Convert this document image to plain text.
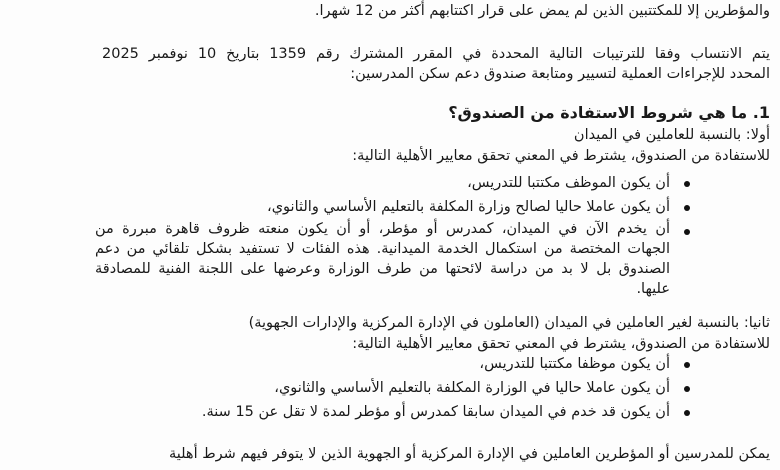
والمؤطرين إلا للمكتتبين الذين لم يمض على قرار اكتتابهم أكثر من 12 شهرا.
يتم الانتساب وفقا للترتيبات التالية المحددة في المقرر المشترك رقم 1359 بتاريخ 10 نوفمبر 2025
المحدد للإجراءات العملية لتسيير ومتابعة صندوق دعم سكن المدرسين:
1. ما هي شروط الاستفادة من الصندوق؟
أولا: بالنسبة للعاملين في الميدان
للاستفادة من الصندوق، يشترط في المعني تحقق معايير الأهلية التالية:
أن يكون الموظف مكتتبا للتدريس،
أن يكون عاملا حاليا لصالح وزارة المكلفة بالتعليم الأساسي والثانوي،
أن يخدم الآن في الميدان، كمدرس أو مؤطر، أو أن يكون منعته ظروف قاهرة مبررة من
الجهات المختصة من استكمال الخدمة الميدانية. هذه الفئات لا تستفيد بشكل تلقائي من دعم
الصندوق بل لا بد من دراسة لائحتها من طرف الوزارة وعرضها على اللجنة الفنية للمصادقة
عليها.
ثانيا: بالنسبة لغير العاملين في الميدان (العاملون في الإدارة المركزية والإدارات الجهوية)
للاستفادة من الصندوق، يشترط في المعني تحقق معايير الأهلية التالية:
أن يكون موظفا مكتتبا للتدريس،
أن يكون عاملا حاليا في الوزارة المكلفة بالتعليم الأساسي والثانوي،
أن يكون قد خدم في الميدان سابقا كمدرس أو مؤطر لمدة لا تقل عن 15 سنة.
يمكن للمدرسين أو المؤطرين العاملين في الإدارة المركزية أو الجهوية الذين لا يتوفر فيهم شرط أهلية
